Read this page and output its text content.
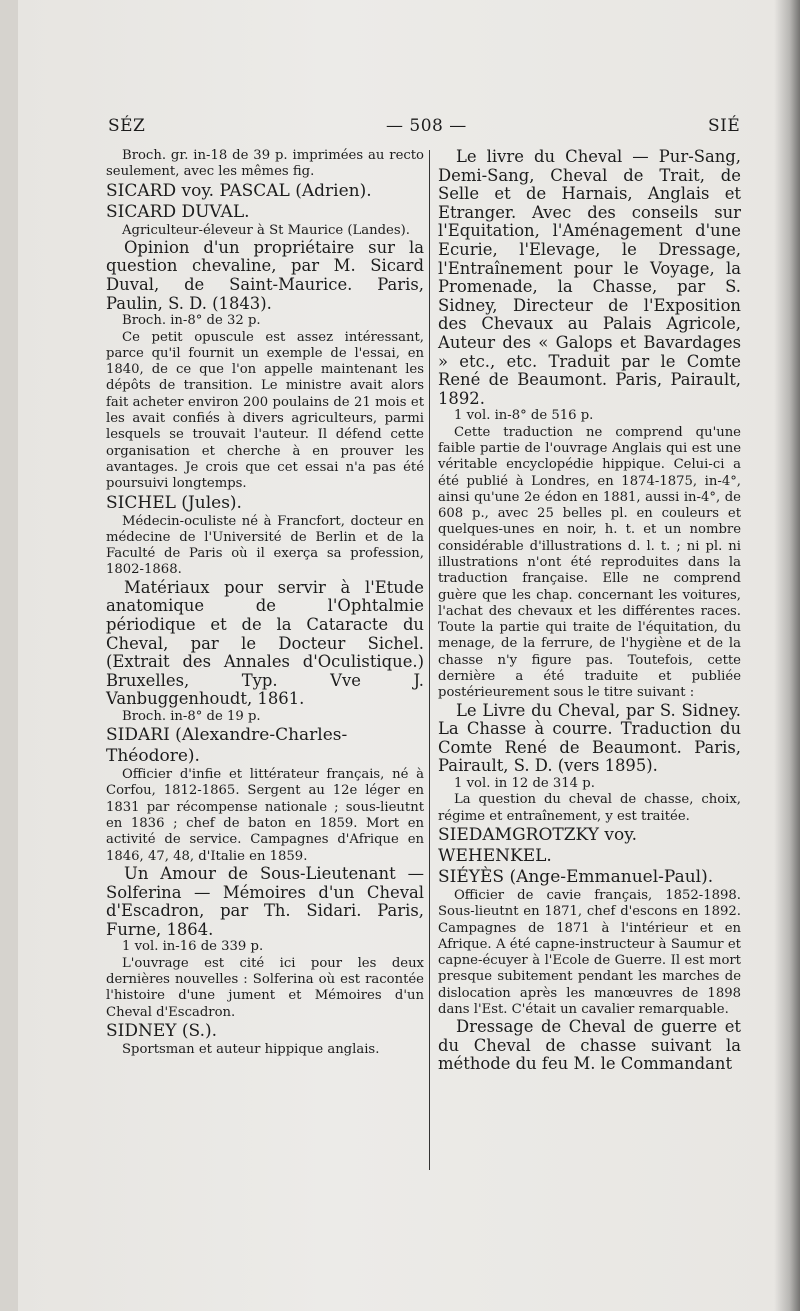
SÉZ	— 508 —	SIÉ

Broch. gr. in-18 de 39 p. imprimées au recto seulement, avec les mêmes fig.

SICARD voy. PASCAL (Adrien).

SICARD DUVAL.

Agriculteur-éleveur à St Maurice (Landes).

Opinion d'un propriétaire sur la question chevaline, par M. Sicard Duval, de Saint-Maurice. Paris, Paulin, S. D. (1843).

Broch. in-8° de 32 p.

Ce petit opuscule est assez intéressant, parce qu'il fournit un exemple de l'essai, en 1840, de ce que l'on appelle maintenant les dépôts de transition. Le ministre avait alors fait acheter environ 200 poulains de 21 mois et les avait confiés à divers agriculteurs, parmi lesquels se trouvait l'auteur. Il défend cette organisation et cherche à en prouver les avantages. Je crois que cet essai n'a pas été poursuivi longtemps.

SICHEL (Jules).

Médecin-oculiste né à Francfort, docteur en médecine de l'Université de Berlin et de la Faculté de Paris où il exerça sa profession, 1802-1868.

Matériaux pour servir à l'Etude anatomique de l'Ophtalmie périodique et de la Cataracte du Cheval, par le Docteur Sichel. (Extrait des Annales d'Oculistique.) Bruxelles, Typ. Vve J. Vanbuggenhoudt, 1861.

Broch. in-8° de 19 p.

SIDARI (Alexandre-Charles-Théodore).

Officier d'infie et littérateur français, né à Corfou, 1812-1865. Sergent au 12e léger en 1831 par récompense nationale ; sous-lieutnt en 1836 ; chef de baton en 1859. Mort en activité de service. Campagnes d'Afrique en 1846, 47, 48, d'Italie en 1859.

Un Amour de Sous-Lieutenant — Solferina — Mémoires d'un Cheval d'Escadron, par Th. Sidari. Paris, Furne, 1864.

1 vol. in-16 de 339 p.

L'ouvrage est cité ici pour les deux dernières nouvelles : Solferina où est racontée l'histoire d'une jument et Mémoires d'un Cheval d'Escadron.

SIDNEY (S.).

Sportsman et auteur hippique anglais.

Le livre du Cheval — Pur-Sang, Demi-Sang, Cheval de Trait, de Selle et de Harnais, Anglais et Etranger. Avec des conseils sur l'Equitation, l'Aménagement d'une Ecurie, l'Elevage, le Dressage, l'Entraînement pour le Voyage, la Promenade, la Chasse, par S. Sidney, Directeur de l'Exposition des Chevaux au Palais Agricole, Auteur des « Galops et Bavardages » etc., etc. Traduit par le Comte René de Beaumont. Paris, Pairault, 1892.

1 vol. in-8° de 516 p.

Cette traduction ne comprend qu'une faible partie de l'ouvrage Anglais qui est une véritable encyclopédie hippique. Celui-ci a été publié à Londres, en 1874-1875, in-4°, ainsi qu'une 2e édon en 1881, aussi in-4°, de 608 p., avec 25 belles pl. en couleurs et quelques-unes en noir, h. t. et un nombre considérable d'illustrations d. l. t. ; ni pl. ni illustrations n'ont été reproduites dans la traduction française. Elle ne comprend guère que les chap. concernant les voitures, l'achat des chevaux et les différentes races. Toute la partie qui traite de l'équitation, du menage, de la ferrure, de l'hygiène et de la chasse n'y figure pas. Toutefois, cette dernière a été traduite et publiée postérieurement sous le titre suivant :

Le Livre du Cheval, par S. Sidney. La Chasse à courre. Traduction du Comte René de Beaumont. Paris, Pairault, S. D. (vers 1895).

1 vol. in 12 de 314 p.

La question du cheval de chasse, choix, régime et entraînement, y est traitée.

SIEDAMGROTZKY voy. WEHENKEL.

SIÉYÈS (Ange-Emmanuel-Paul).

Officier de cavie français, 1852-1898. Sous-lieutnt en 1871, chef d'escons en 1892. Campagnes de 1871 à l'intérieur et en Afrique. A été capne-instructeur à Saumur et capne-écuyer à l'Ecole de Guerre. Il est mort presque subitement pendant les marches de dislocation après les manœuvres de 1898 dans l'Est. C'était un cavalier remarquable.

Dressage de Cheval de guerre et du Cheval de chasse suivant la méthode du feu M. le Commandant
